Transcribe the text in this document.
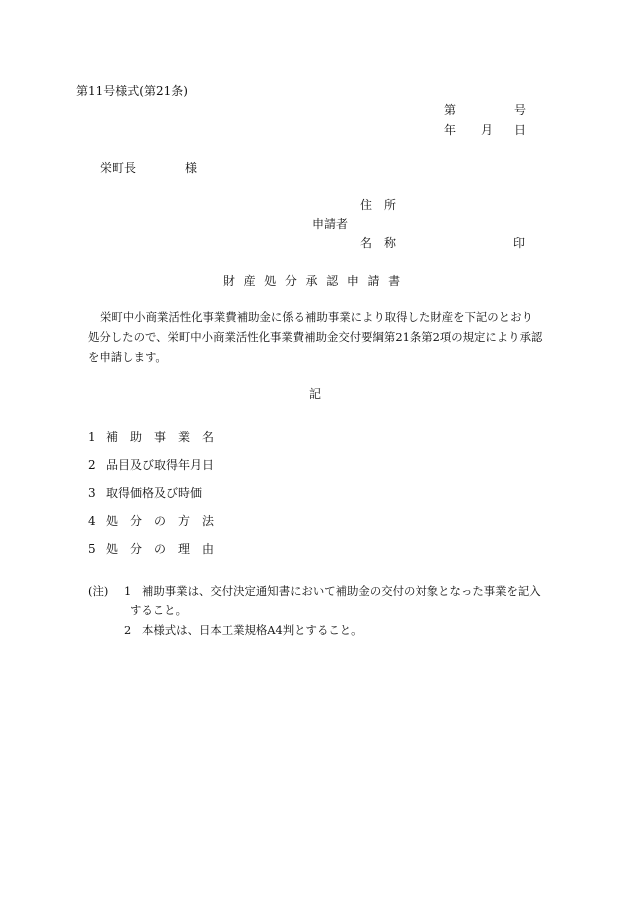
第11号様式(第21条)
第	号
年 月 日
栄町長	様
住　所
申請者
名　称	印
財産処分承認申請書
栄町中小商業活性化事業費補助金に係る補助事業により取得した財産を下記のとおり
処分したので、栄町中小商業活性化事業費補助金交付要綱第21条第2項の規定により承認
を申請します。
記
1 補　助　事　業　名
2 品目及び取得年月日
3 取得価格及び時価
4 処　分　の　方　法
5 処　分　の　理　由
(注) 1 補助事業は、交付決定通知書において補助金の交付の対象となった事業を記入
すること。
2 本様式は、日本工業規格A4判とすること。
